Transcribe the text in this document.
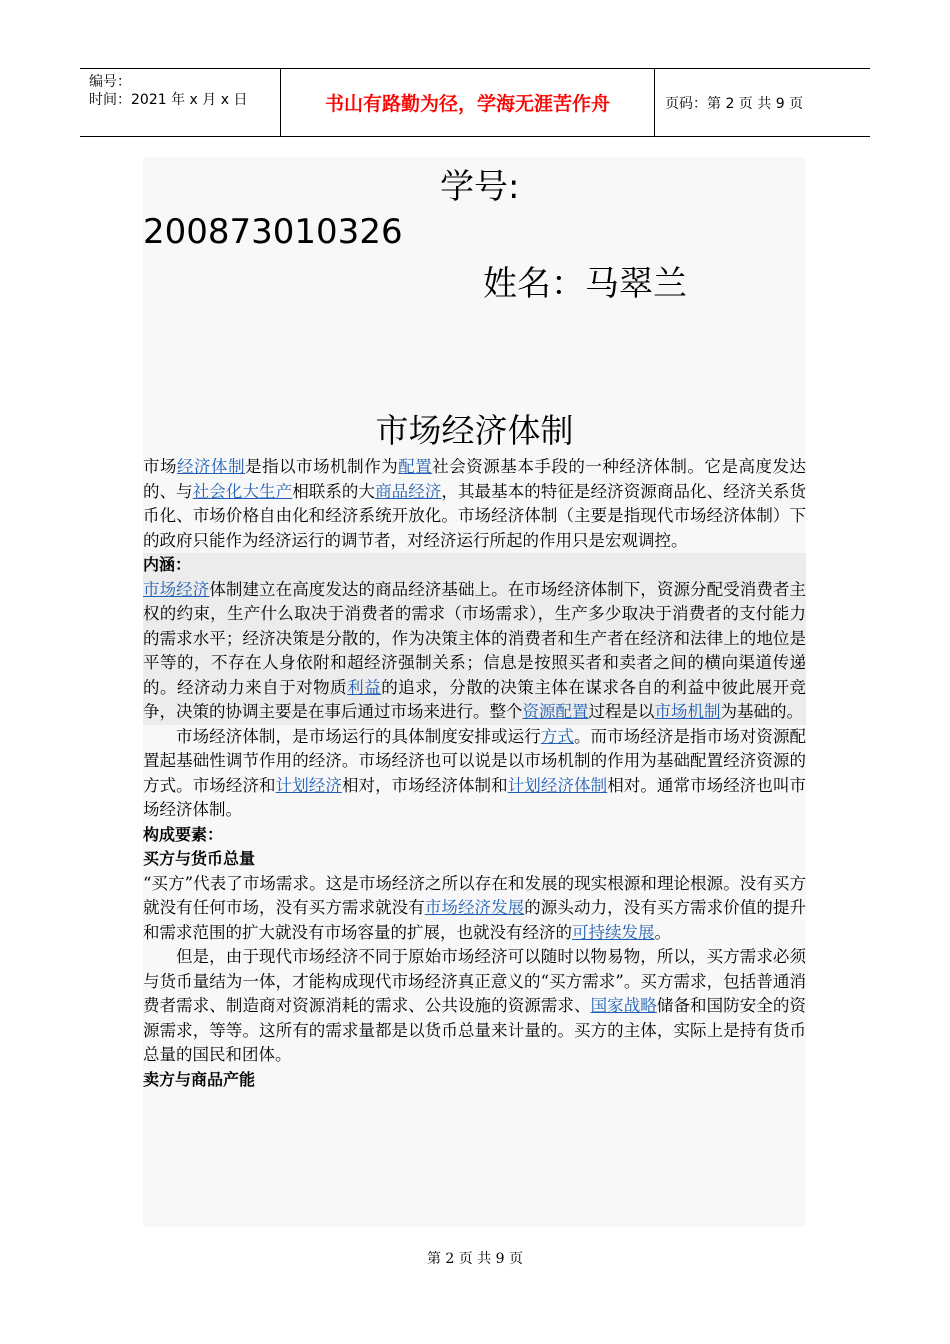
编号：
时间：2021 年 x 月 x 日	书山有路勤为径，学海无涯苦作舟	页码：第 2 页 共 9 页
学号:
200873010326
姓名：马翠兰
市场经济体制

市场经济体制是指以市场机制作为配置社会资源基本手段的一种经济体制。它是高度发达的、与社会化大生产相联系的大商品经济，其最基本的特征是经济资源商品化、经济关系货币化、市场价格自由化和经济系统开放化。市场经济体制（主要是指现代市场经济体制）下的政府只能作为经济运行的调节者，对经济运行所起的作用只是宏观调控。

内涵：

市场经济体制建立在高度发达的商品经济基础上。在市场经济体制下，资源分配受消费者主权的约束，生产什么取决于消费者的需求（市场需求），生产多少取决于消费者的支付能力的需求水平；经济决策是分散的，作为决策主体的消费者和生产者在经济和法律上的地位是平等的，不存在人身依附和超经济强制关系；信息是按照买者和卖者之间的横向渠道传递的。经济动力来自于对物质利益的追求，分散的决策主体在谋求各自的利益中彼此展开竞争，决策的协调主要是在事后通过市场来进行。整个资源配置过程是以市场机制为基础的。

市场经济体制，是市场运行的具体制度安排或运行方式。而市场经济是指市场对资源配置起基础性调节作用的经济。市场经济也可以说是以市场机制的作用为基础配置经济资源的方式。市场经济和计划经济相对，市场经济体制和计划经济体制相对。通常市场经济也叫市场经济体制。

构成要素：

买方与货币总量

“买方”代表了市场需求。这是市场经济之所以存在和发展的现实根源和理论根源。没有买方就没有任何市场，没有买方需求就没有市场经济发展的源头动力，没有买方需求价值的提升和需求范围的扩大就没有市场容量的扩展，也就没有经济的可持续发展。

但是，由于现代市场经济不同于原始市场经济可以随时以物易物，所以，买方需求必须与货币量结为一体，才能构成现代市场经济真正意义的“买方需求”。买方需求，包括普通消费者需求、制造商对资源消耗的需求、公共设施的资源需求、国家战略储备和国防安全的资源需求，等等。这所有的需求量都是以货币总量来计量的。买方的主体，实际上是持有货币总量的国民和团体。

卖方与商品产能

第 2 页 共 9 页
